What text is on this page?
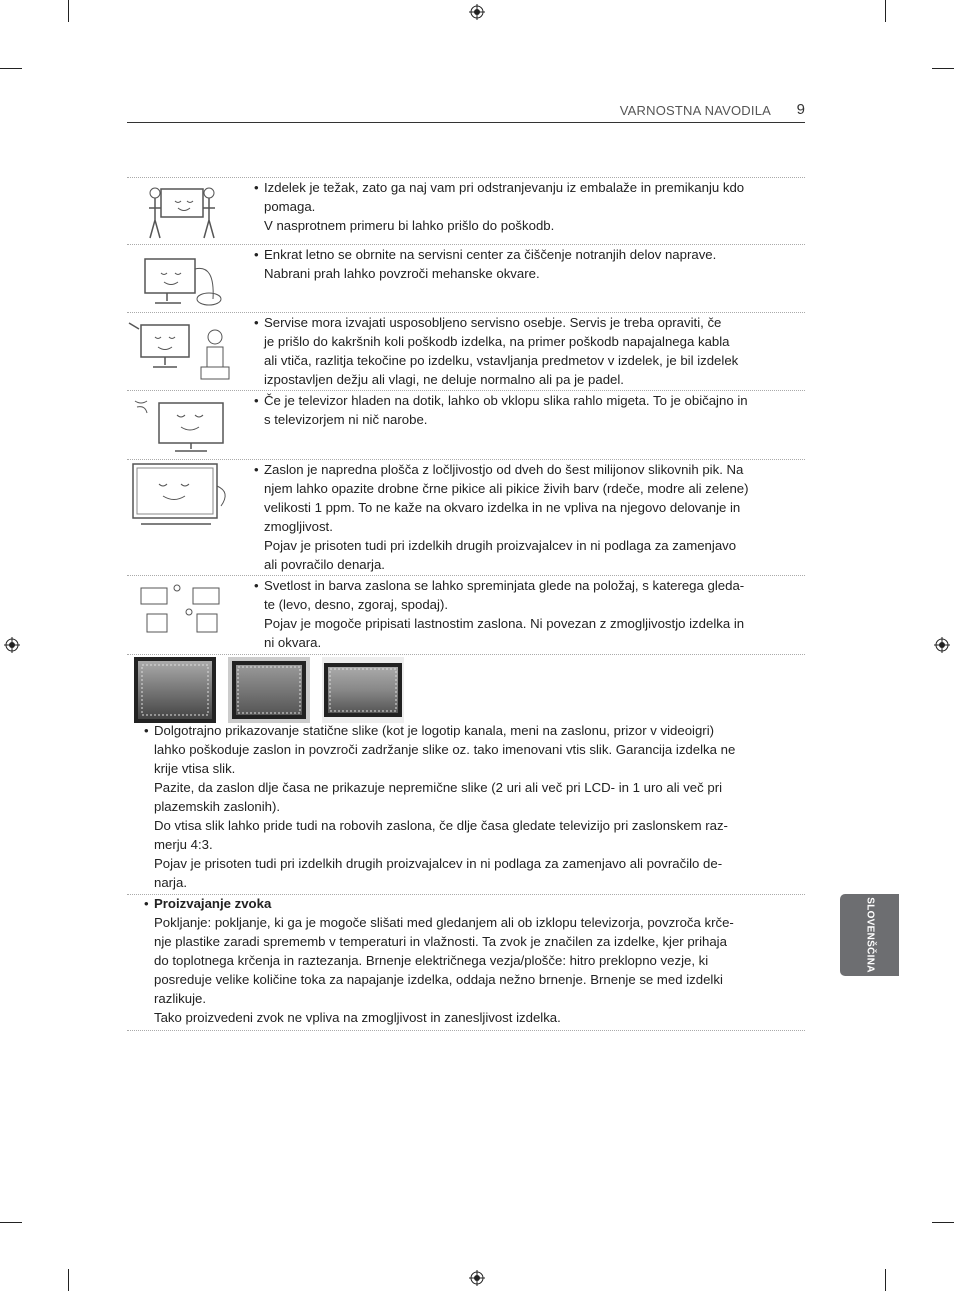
VARNOSTNA NAVODILA 9
• Izdelek je težak, zato ga naj vam pri odstranjevanju iz embalaže in premikanju kdo

pomaga.

V nasprotnem primeru bi lahko prišlo do poškodb.

• Enkrat letno se obrnite na servisni center za čiščenje notranjih delov naprave.

Nabrani prah lahko povzroči mehanske okvare.

• Servise mora izvajati usposobljeno servisno osebje. Servis je treba opraviti, če

je prišlo do kakršnih koli poškodb izdelka, na primer poškodb napajalnega kabla

ali vtiča, razlitja tekočine po izdelku, vstavljanja predmetov v izdelek, je bil izdelek

izpostavljen dežju ali vlagi, ne deluje normalno ali pa je padel.

• Če je televizor hladen na dotik, lahko ob vklopu slika rahlo migeta. To je običajno in

s televizorjem ni nič narobe.

• Zaslon je napredna plošča z ločljivostjo od dveh do šest milijonov slikovnih pik. Na

njem lahko opazite drobne črne pikice ali pikice živih barv (rdeče, modre ali zelene)

velikosti 1 ppm. To ne kaže na okvaro izdelka in ne vpliva na njegovo delovanje in

zmogljivost.

Pojav je prisoten tudi pri izdelkih drugih proizvajalcev in ni podlaga za zamenjavo

ali povračilo denarja.

• Svetlost in barva zaslona se lahko spreminjata glede na položaj, s katerega gleda-

te (levo, desno, zgoraj, spodaj).

Pojav je mogoče pripisati lastnostim zaslona. Ni povezan z zmogljivostjo izdelka in

ni okvara.

• Dolgotrajno prikazovanje statične slike (kot je logotip kanala, meni na zaslonu, prizor v videoigri)

lahko poškoduje zaslon in povzroči zadržanje slike oz. tako imenovani vtis slik. Garancija izdelka ne

krije vtisa slik.

Pazite, da zaslon dlje časa ne prikazuje nepremične slike (2 uri ali več pri LCD- in 1 uro ali več pri

plazemskih zaslonih).

Do vtisa slik lahko pride tudi na robovih zaslona, če dlje časa gledate televizijo pri zaslonskem raz-

merju 4:3.

Pojav je prisoten tudi pri izdelkih drugih proizvajalcev in ni podlaga za zamenjavo ali povračilo de-

narja.

• Proizvajanje zvoka

Pokljanje: pokljanje, ki ga je mogoče slišati med gledanjem ali ob izklopu televizorja, povzroča krče-

nje plastike zaradi sprememb v temperaturi in vlažnosti. Ta zvok je značilen za izdelke, kjer prihaja

do toplotnega krčenja in raztezanja. Brnenje električnega vezja/plošče: hitro preklopno vezje, ki

posreduje velike količine toka za napajanje izdelka, oddaja nežno brnenje. Brnenje se med izdelki

razlikuje.

Tako proizvedeni zvok ne vpliva na zmogljivost in zanesljivost izdelka.

SLOVENŠČINA
